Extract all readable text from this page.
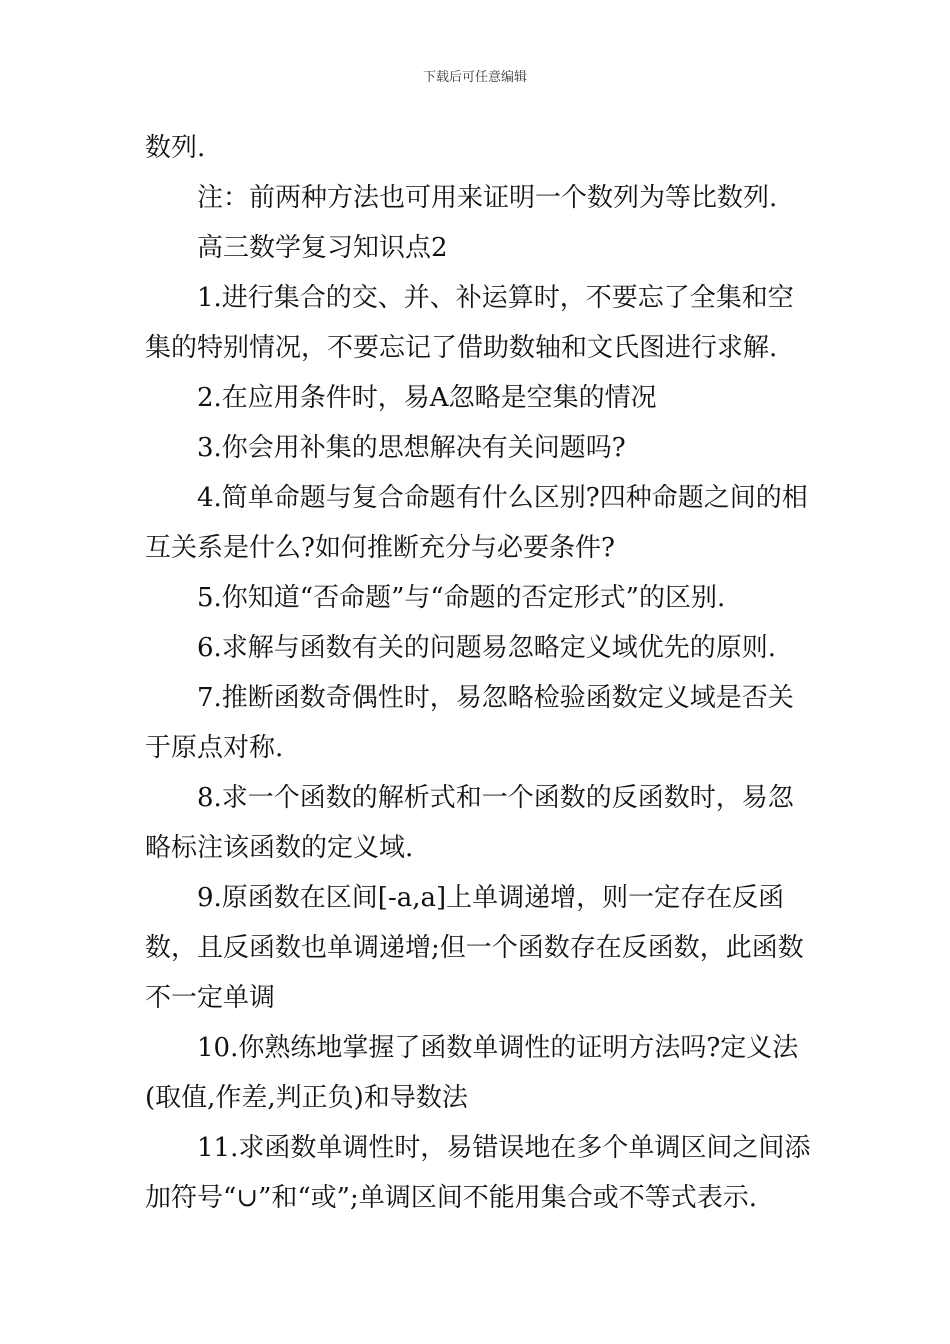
下载后可任意编辑
数列.
注：前两种方法也可用来证明一个数列为等比数列.
高三数学复习知识点2
1.进行集合的交、并、补运算时，不要忘了全集和空
集的特别情况，不要忘记了借助数轴和文氏图进行求解.
2.在应用条件时，易A忽略是空集的情况
3.你会用补集的思想解决有关问题吗?
4.简单命题与复合命题有什么区别?四种命题之间的相
互关系是什么?如何推断充分与必要条件?
5.你知道“否命题”与“命题的否定形式”的区别.
6.求解与函数有关的问题易忽略定义域优先的原则.
7.推断函数奇偶性时，易忽略检验函数定义域是否关
于原点对称.
8.求一个函数的解析式和一个函数的反函数时，易忽
略标注该函数的定义域.
9.原函数在区间[-a,a]上单调递增，则一定存在反函
数，且反函数也单调递增;但一个函数存在反函数，此函数
不一定单调
10.你熟练地掌握了函数单调性的证明方法吗?定义法
(取值,作差,判正负)和导数法
11.求函数单调性时，易错误地在多个单调区间之间添
加符号“∪”和“或”;单调区间不能用集合或不等式表示.
